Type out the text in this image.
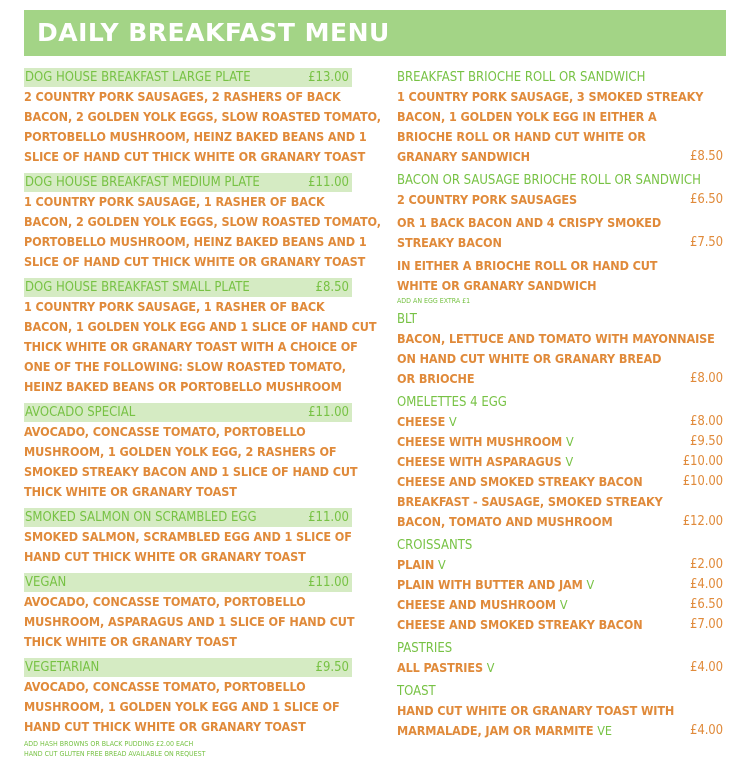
DAILY BREAKFAST MENU
DOG HOUSE BREAKFAST LARGE PLATE	£13.00
2 COUNTRY PORK SAUSAGES, 2 RASHERS OF BACK
BACON, 2 GOLDEN YOLK EGGS, SLOW ROASTED TOMATO,
PORTOBELLO MUSHROOM, HEINZ BAKED BEANS AND 1
SLICE OF HAND CUT THICK WHITE OR GRANARY TOAST
DOG HOUSE BREAKFAST MEDIUM PLATE	£11.00
1 COUNTRY PORK SAUSAGE, 1 RASHER OF BACK
BACON, 2 GOLDEN YOLK EGGS, SLOW ROASTED TOMATO,
PORTOBELLO MUSHROOM, HEINZ BAKED BEANS AND 1
SLICE OF HAND CUT THICK WHITE OR GRANARY TOAST
DOG HOUSE BREAKFAST SMALL PLATE	£8.50
1 COUNTRY PORK SAUSAGE, 1 RASHER OF BACK
BACON, 1 GOLDEN YOLK EGG AND 1 SLICE OF HAND CUT
THICK WHITE OR GRANARY TOAST WITH A CHOICE OF
ONE OF THE FOLLOWING: SLOW ROASTED TOMATO,
HEINZ BAKED BEANS OR PORTOBELLO MUSHROOM
AVOCADO SPECIAL	£11.00
AVOCADO, CONCASSE TOMATO, PORTOBELLO
MUSHROOM, 1 GOLDEN YOLK EGG, 2 RASHERS OF
SMOKED STREAKY BACON AND 1 SLICE OF HAND CUT
THICK WHITE OR GRANARY TOAST
SMOKED SALMON ON SCRAMBLED EGG	£11.00
SMOKED SALMON, SCRAMBLED EGG AND 1 SLICE OF
HAND CUT THICK WHITE OR GRANARY TOAST
VEGAN	£11.00
AVOCADO, CONCASSE TOMATO, PORTOBELLO
MUSHROOM, ASPARAGUS AND 1 SLICE OF HAND CUT
THICK WHITE OR GRANARY TOAST
VEGETARIAN	£9.50
AVOCADO, CONCASSE TOMATO, PORTOBELLO
MUSHROOM, 1 GOLDEN YOLK EGG AND 1 SLICE OF
HAND CUT THICK WHITE OR GRANARY TOAST
ADD HASH BROWNS OR BLACK PUDDING £2.00 EACH
HAND CUT GLUTEN FREE BREAD AVAILABLE ON REQUEST
BREAKFAST BRIOCHE ROLL OR SANDWICH
1 COUNTRY PORK SAUSAGE, 3 SMOKED STREAKY
BACON, 1 GOLDEN YOLK EGG IN EITHER A
BRIOCHE ROLL OR HAND CUT WHITE OR
GRANARY SANDWICH	£8.50
BACON OR SAUSAGE BRIOCHE ROLL OR SANDWICH
2 COUNTRY PORK SAUSAGES	£6.50
OR 1 BACK BACON AND 4 CRISPY SMOKED
STREAKY BACON	£7.50
IN EITHER A BRIOCHE ROLL OR HAND CUT
WHITE OR GRANARY SANDWICH
ADD AN EGG EXTRA £1
BLT
BACON, LETTUCE AND TOMATO WITH MAYONNAISE
ON HAND CUT WHITE OR GRANARY BREAD
OR BRIOCHE	£8.00
OMELETTES 4 EGG
CHEESE V	£8.00
CHEESE WITH MUSHROOM V	£9.50
CHEESE WITH ASPARAGUS V	£10.00
CHEESE AND SMOKED STREAKY BACON	£10.00
BREAKFAST - SAUSAGE, SMOKED STREAKY
BACON, TOMATO AND MUSHROOM	£12.00
CROISSANTS
PLAIN V	£2.00
PLAIN WITH BUTTER AND JAM V	£4.00
CHEESE AND MUSHROOM V	£6.50
CHEESE AND SMOKED STREAKY BACON	£7.00
PASTRIES
ALL PASTRIES V	£4.00
TOAST
HAND CUT WHITE OR GRANARY TOAST WITH
MARMALADE, JAM OR MARMITE VE	£4.00
